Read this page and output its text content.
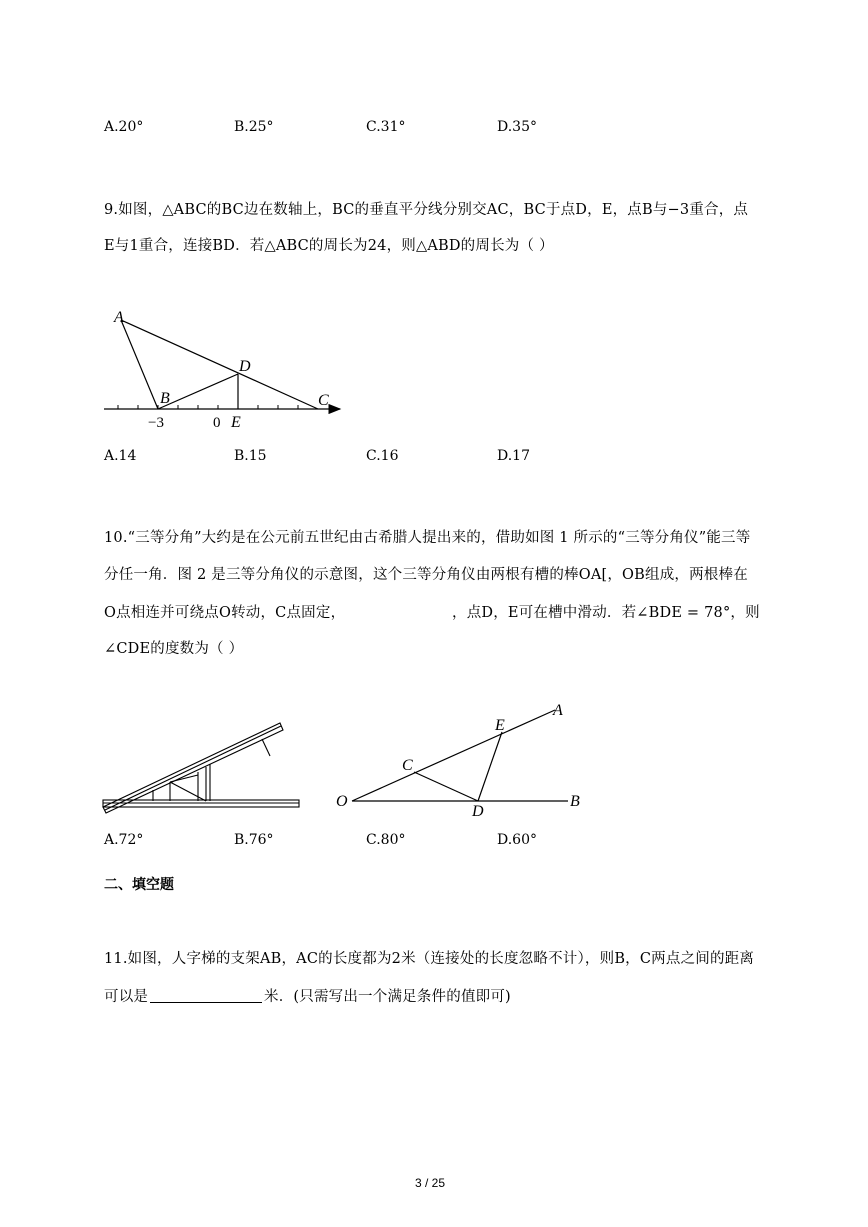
A.20°	B.25°	C.31°	D.35°
9.如图，△ABC的BC边在数轴上，BC的垂直平分线分别交AC，BC于点D，E，点B与−3重合，点
E与1重合，连接BD．若△ABC的周长为24，则△ABD的周长为（ ）
A
B
D
C
−3	0 E
A.14	B.15	C.16	D.17
10.“三等分角”大约是在公元前五世纪由古希腊人提出来的，借助如图 1 所示的“三等分角仪”能三等
分任一角．图 2 是三等分角仪的示意图，这个三等分角仪由两根有槽的棒OA[，OB组成，两根棒在
O点相连并可绕点O转动，C点固定，	，点D，E可在槽中滑动．若∠BDE = 78°，则
∠CDE的度数为（ ）
O
A
B
C
D
E
A.72°	B.76°	C.80°	D.60°
二、填空题
11.如图，人字梯的支架AB，AC的长度都为2米（连接处的长度忽略不计），则B，C两点之间的距离
可以是	米．(只需写出一个满足条件的值即可)
3 / 25
